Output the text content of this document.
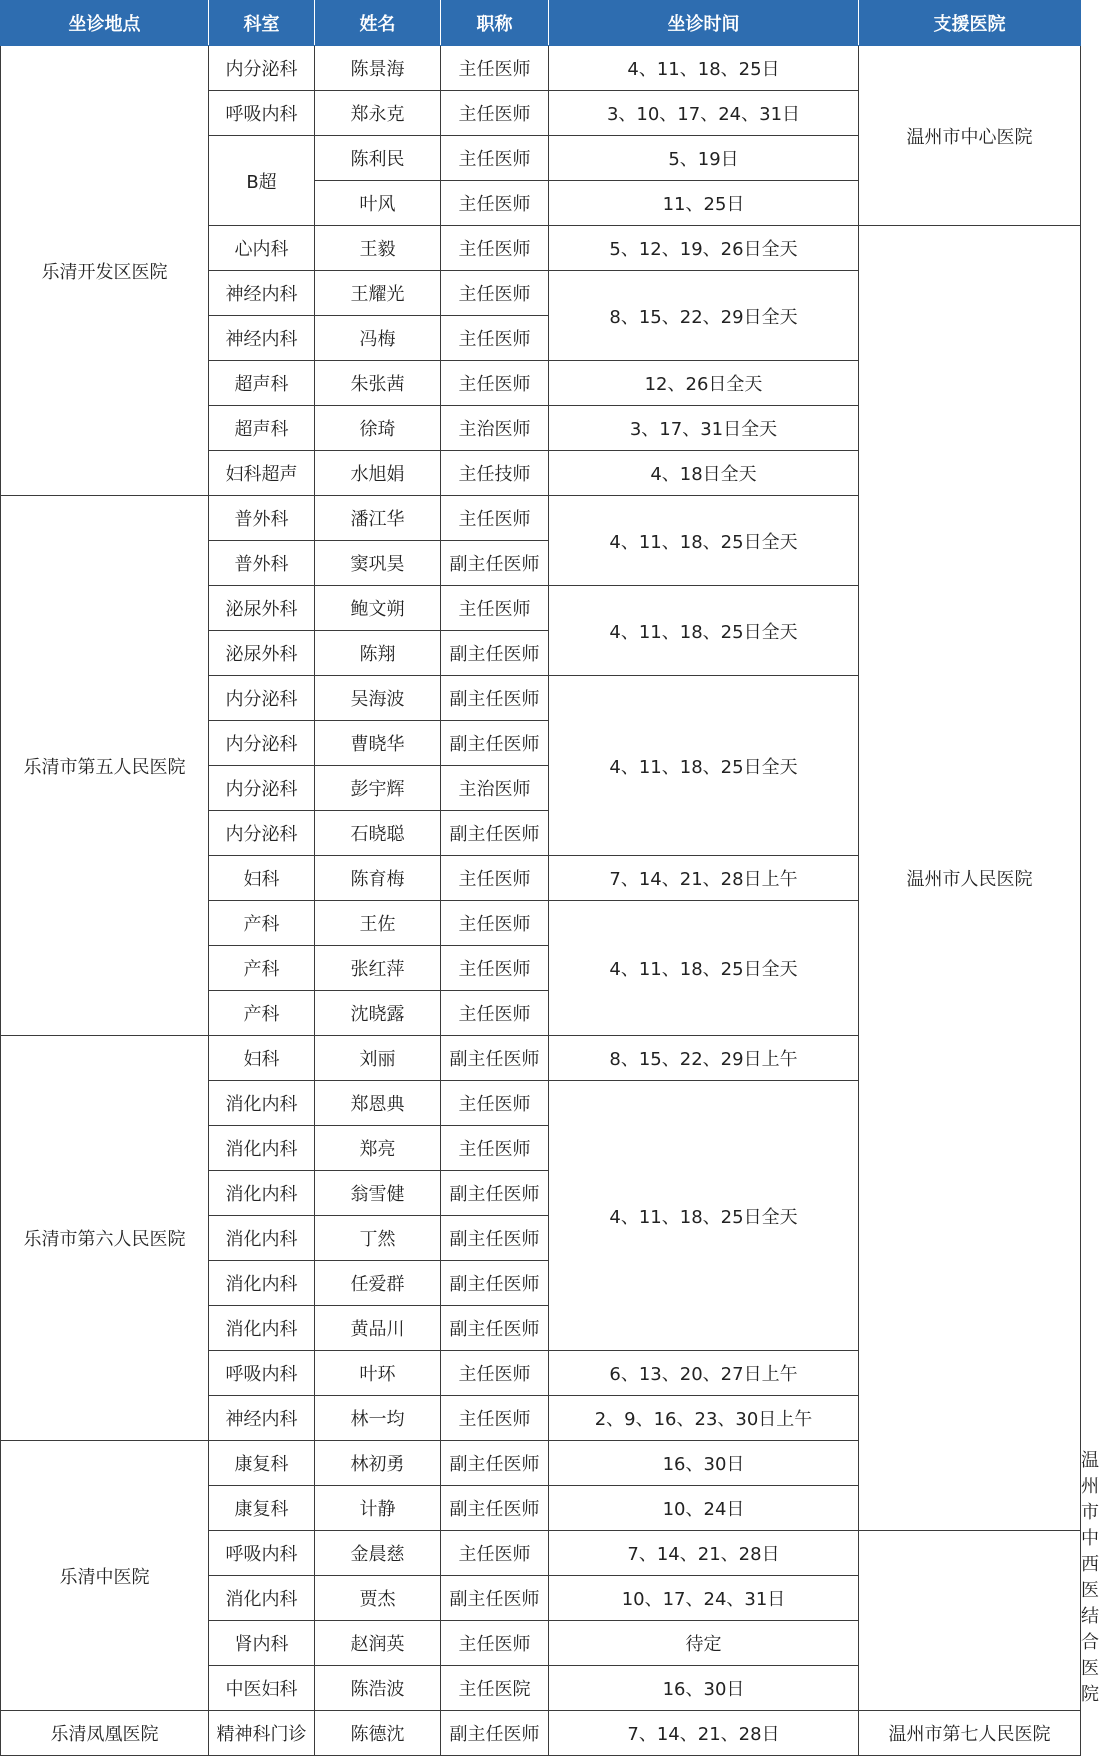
坐诊地点	科室	姓名	职称	坐诊时间	支援医院	
乐清开发区医院	内分泌科	陈景海	主任医师	4、11、18、25日	温州市中心医院	
	呼吸内科	郑永克	主任医师	3、10、17、24、31日		
	B超	陈利民	主任医师	5、19日		
		叶风	主任医师	11、25日		
	心内科	王毅	主任医师	5、12、19、26日全天	温州市人民医院	
	神经内科	王耀光	主任医师	8、15、22、29日全天		
	神经内科	冯梅	主任医师			
	超声科	朱张茜	主任医师	12、26日全天		
	超声科	徐琦	主治医师	3、17、31日全天		
	妇科超声	水旭娟	主任技师	4、18日全天		
乐清市第五人民医院	普外科	潘江华	主任医师	4、11、18、25日全天		
	普外科	窦巩昊	副主任医师			
	泌尿外科	鲍文朔	主任医师	4、11、18、25日全天		
	泌尿外科	陈翔	副主任医师			
	内分泌科	吴海波	副主任医师	4、11、18、25日全天		
	内分泌科	曹晓华	副主任医师			
	内分泌科	彭宇辉	主治医师			
	内分泌科	石晓聪	副主任医师			
	妇科	陈育梅	主任医师	7、14、21、28日上午		
	产科	王佐	主任医师	4、11、18、25日全天		
	产科	张红萍	主任医师			
	产科	沈晓露	主任医师			
乐清市第六人民医院	妇科	刘丽	副主任医师	8、15、22、29日上午		
	消化内科	郑恩典	主任医师	4、11、18、25日全天		
	消化内科	郑亮	主任医师			
	消化内科	翁雪健	副主任医师			
	消化内科	丁然	副主任医师			
	消化内科	任爱群	副主任医师			
	消化内科	黄品川	副主任医师			
	呼吸内科	叶环	主任医师	6、13、20、27日上午		
	神经内科	林一均	主任医师	2、9、16、23、30日上午		
乐清中医院	康复科	林初勇	副主任医师	16、30日		温州市中西医结合医院
	康复科	计静	副主任医师	10、24日		
	呼吸内科	金晨慈	主任医师	7、14、21、28日		
	消化内科	贾杰	副主任医师	10、17、24、31日		
	肾内科	赵润英	主任医师	待定		
	中医妇科	陈浩波	主任医院	16、30日		
乐清凤凰医院	精神科门诊	陈德沈	副主任医师	7、14、21、28日	温州市第七人民医院	
